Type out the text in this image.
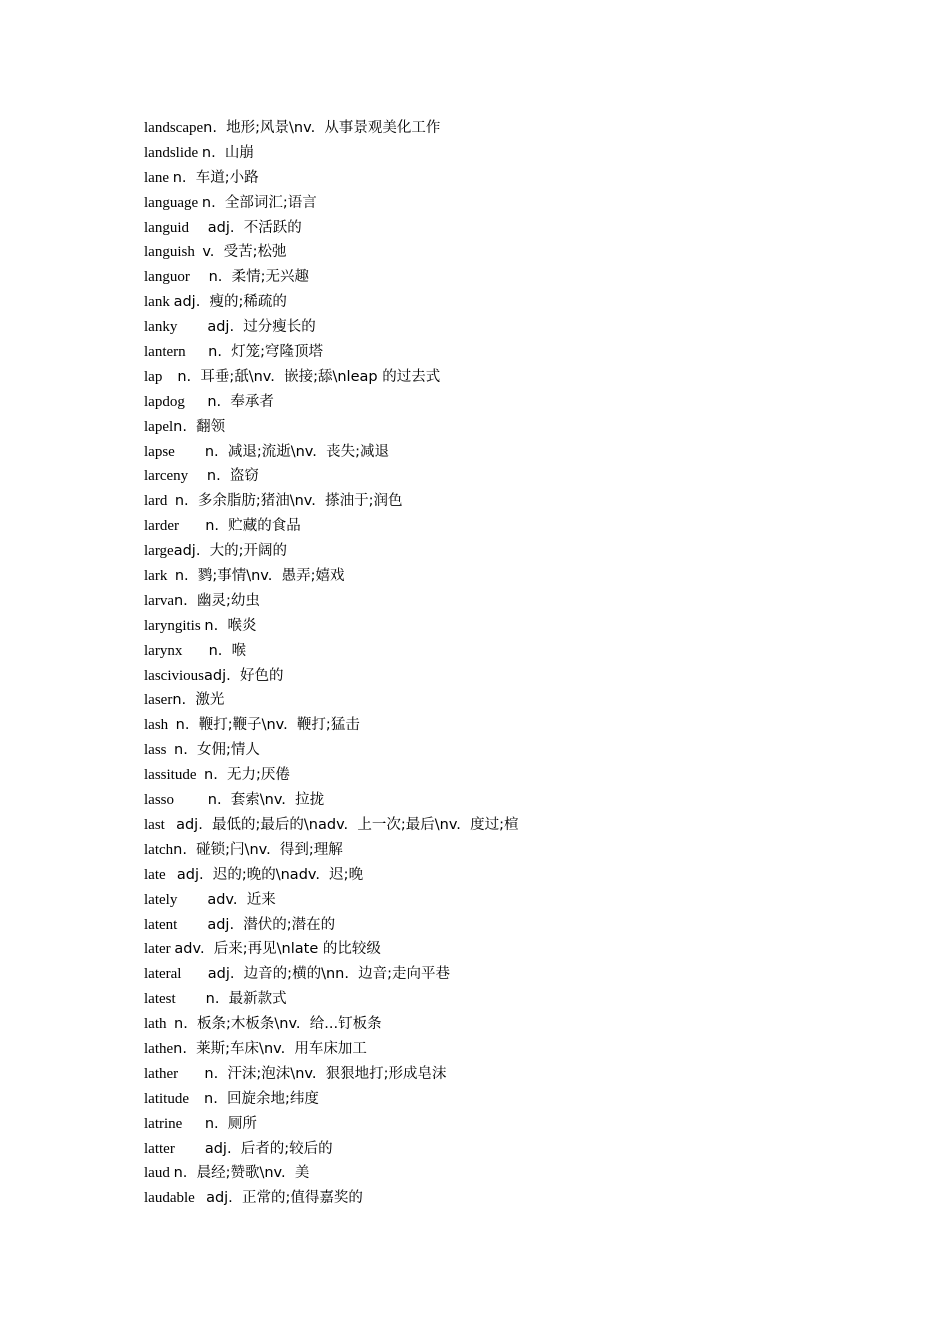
landscapen.  地形;风景\nv.  从事景观美化工作
landslide n.  山崩
lane n.  车道;小路
language n.  全部词汇;语言
languid     adj.  不活跃的
languish  v.  受苦;松弛
languor     n.  柔情;无兴趣
lank adj.  瘦的;稀疏的
lanky        adj.  过分瘦长的
lantern      n.  灯笼;穹隆顶塔
lap    n.  耳垂;舐\nv.  嵌接;舔\nleap 的过去式
lapdog      n.  奉承者
lapeln.  翻领
lapse        n.  减退;流逝\nv.  丧失;减退
larceny     n.  盗窃
lard  n.  多余脂肪;猪油\nv.  搽油于;润色
larder       n.  贮藏的食品
largeadj.  大的;开阔的
lark  n.  鹨;事情\nv.  愚弄;嬉戏
larvan.  幽灵;幼虫
laryngitis n.  喉炎
larynx       n.  喉
lasciviousadj.  好色的
lasern.  激光
lash  n.  鞭打;鞭子\nv.  鞭打;猛击
lass  n.  女佣;情人
lassitude  n.  无力;厌倦
lasso         n.  套索\nv.  拉拢
last   adj.  最低的;最后的\nadv.  上一次;最后\nv.  度过;楦
latchn.  碰锁;闩\nv.  得到;理解
late   adj.  迟的;晚的\nadv.  迟;晚
lately        adv.  近来
latent        adj.  潜伏的;潜在的
later adv.  后来;再见\nlate 的比较级
lateral       adj.  边音的;横的\nn.  边音;走向平巷
latest        n.  最新款式
lath  n.  板条;木板条\nv.  给...钉板条
lathen.  莱斯;车床\nv.  用车床加工
lather       n.  汗沫;泡沫\nv.  狠狠地打;形成皂沫
latitude    n.  回旋余地;纬度
latrine      n.  厕所
latter        adj.  后者的;较后的
laud n.  晨经;赞歌\nv.  美
laudable   adj.  正常的;值得嘉奖的
